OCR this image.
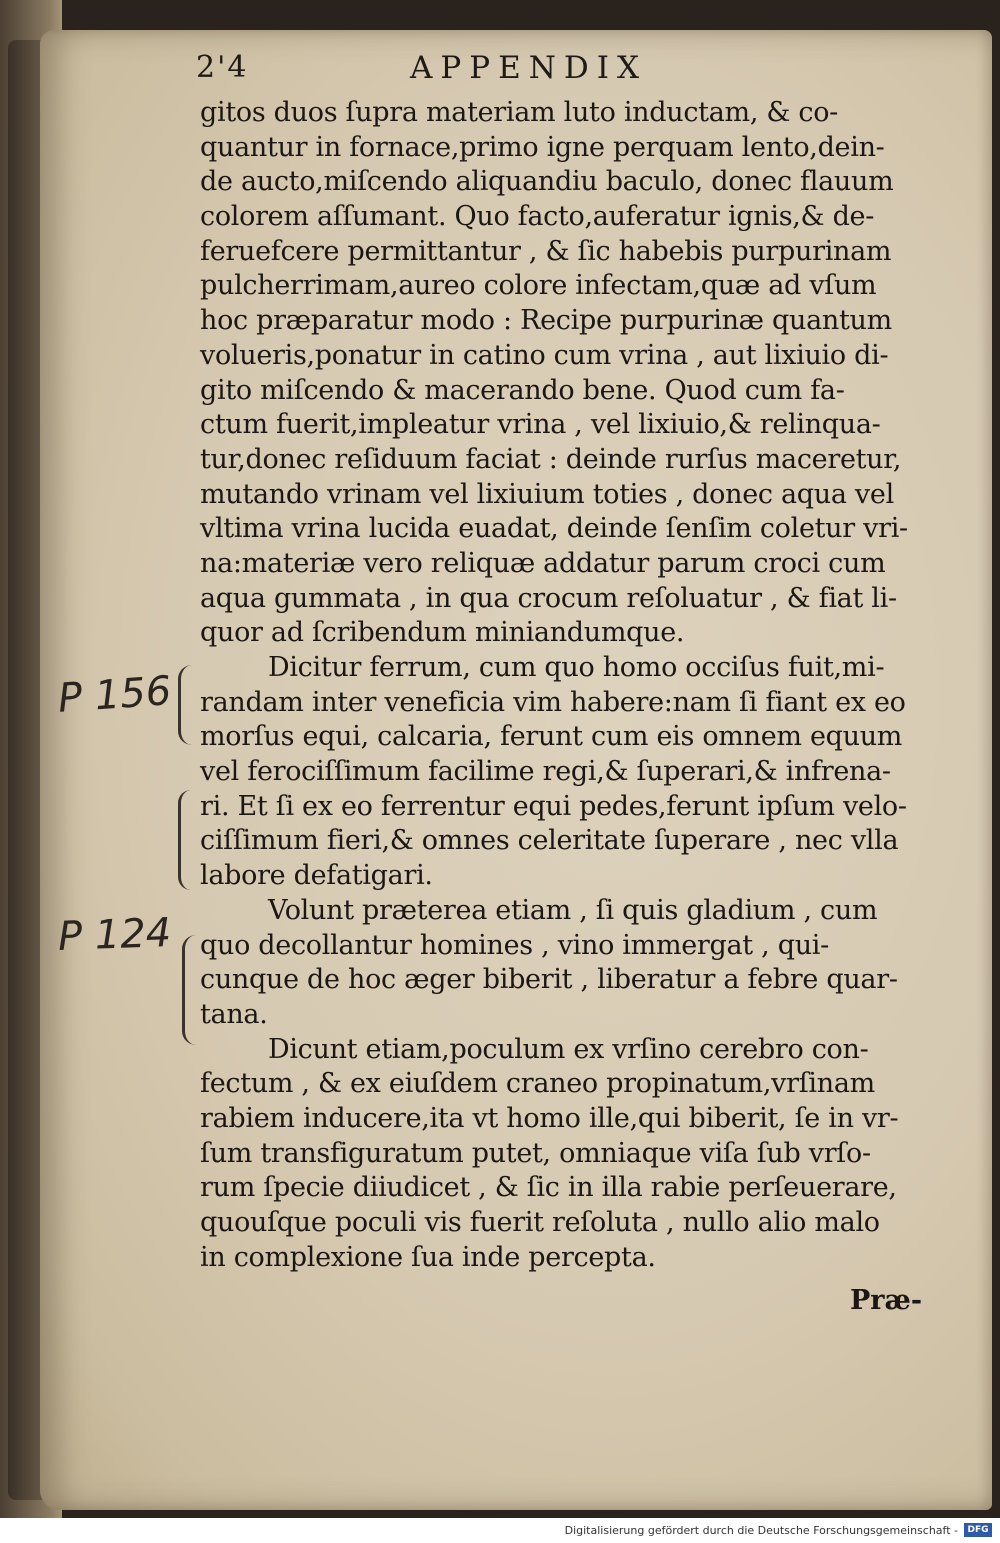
2'4	APPENDIX
gitos duos ſupra materiam luto inductam, & co-
quantur in fornace,primo igne perquam lento,dein-
de aucto,miſcendo aliquandiu baculo, donec flauum
colorem aſſumant. Quo facto,auferatur ignis,& de-
feruefcere permittantur , & ſic habebis purpurinam
pulcherrimam,aureo colore infectam,quæ ad vſum
hoc præparatur modo : Recipe purpurinæ quantum
volueris,ponatur in catino cum vrina , aut lixiuio di-
gito miſcendo & macerando bene. Quod cum fa-
ctum fuerit,impleatur vrina , vel lixiuio,& relinqua-
tur,donec reſiduum faciat : deinde rurſus maceretur,
mutando vrinam vel lixiuium toties , donec aqua vel
vltima vrina lucida euadat, deinde ſenſim coletur vri-
na:materiæ vero reliquæ addatur parum croci cum
aqua gummata , in qua crocum reſoluatur , & fiat li-
quor ad ſcribendum miniandumque.
Dicitur ferrum, cum quo homo occiſus fuit,mi-
randam inter veneficia vim habere:nam ſi fiant ex eo
morſus equi, calcaria, ferunt cum eis omnem equum
vel ferociſſimum facilime regi,& ſuperari,& infrena-
ri. Et ſi ex eo ferrentur equi pedes,ferunt ipſum velo-
ciſſimum fieri,& omnes celeritate ſuperare , nec vlla
labore defatigari.
Volunt præterea etiam , ſi quis gladium , cum
quo decollantur homines , vino immergat , qui-
cunque de hoc æger biberit , liberatur a febre quar-
tana.
Dicunt etiam,poculum ex vrſino cerebro con-
fectum , & ex eiuſdem craneo propinatum,vrſinam
rabiem inducere,ita vt homo ille,qui biberit, ſe in vr-
ſum transfiguratum putet, omniaque viſa ſub vrſo-
rum ſpecie diiudicet , & ſic in illa rabie perſeuerare,
quouſque poculi vis fuerit reſoluta , nullo alio malo
in complexione ſua inde percepta.
Præ-
P 156
P 124
Digitalisierung gefördert durch die Deutsche Forschungsgemeinschaft -	DFG
